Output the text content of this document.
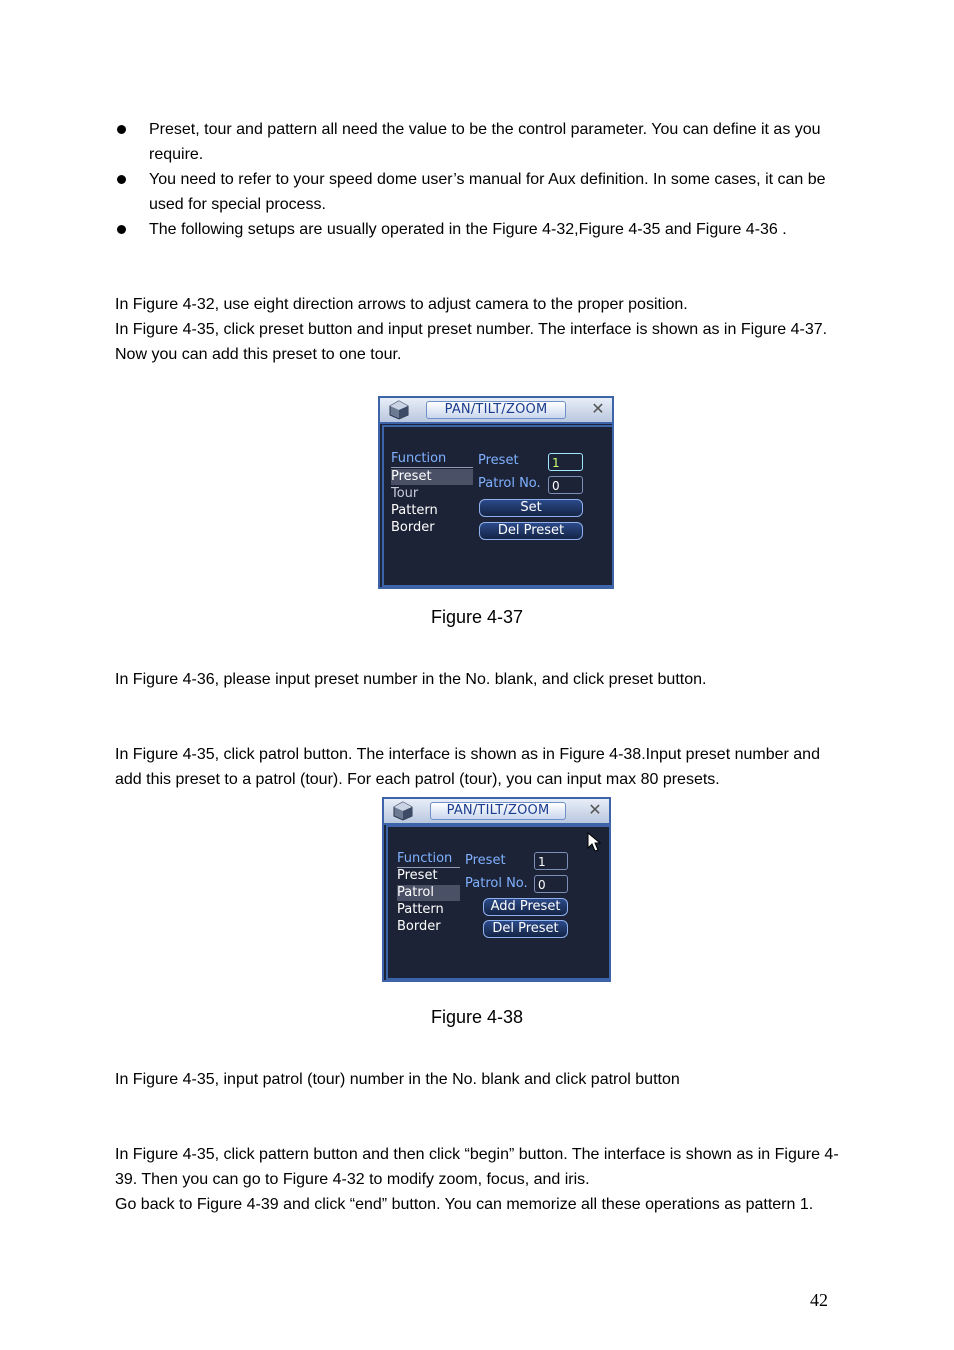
Preset, tour and pattern all need the value to be the control parameter. You can define it as you require.
You need to refer to your speed dome user’s manual for Aux definition. In some cases, it can be used for special process.
The following setups are usually operated in the Figure 4-32,Figure 4-35 and Figure 4-36 .
In Figure 4-32, use eight direction arrows to adjust camera to the proper position.
In Figure 4-35, click preset button and input preset number. The interface is shown as in Figure 4-37.
Now you can add this preset to one tour.
PAN/TILT/ZOOM	✕
Function
Preset
Tour
Pattern
Border
Preset	1
Patrol No. 0
Set
Del Preset
Figure 4-37
In Figure 4-36, please input preset number in the No. blank, and click preset button.
In Figure 4-35, click patrol button. The interface is shown as in Figure 4-38.Input preset number and add this preset to a patrol (tour). For each patrol (tour), you can input max 80 presets.
PAN/TILT/ZOOM	✕
Function
Preset
Patrol
Pattern
Border
Preset	1
Patrol No. 0
Add Preset
Del Preset
Figure 4-38
In Figure 4-35, input patrol (tour) number in the No. blank and click patrol button
In Figure 4-35, click pattern button and then click “begin” button. The interface is shown as in Figure 4-39. Then you can go to Figure 4-32 to modify zoom, focus, and iris.
Go back to Figure 4-39 and click “end” button. You can memorize all these operations as pattern 1.
42
